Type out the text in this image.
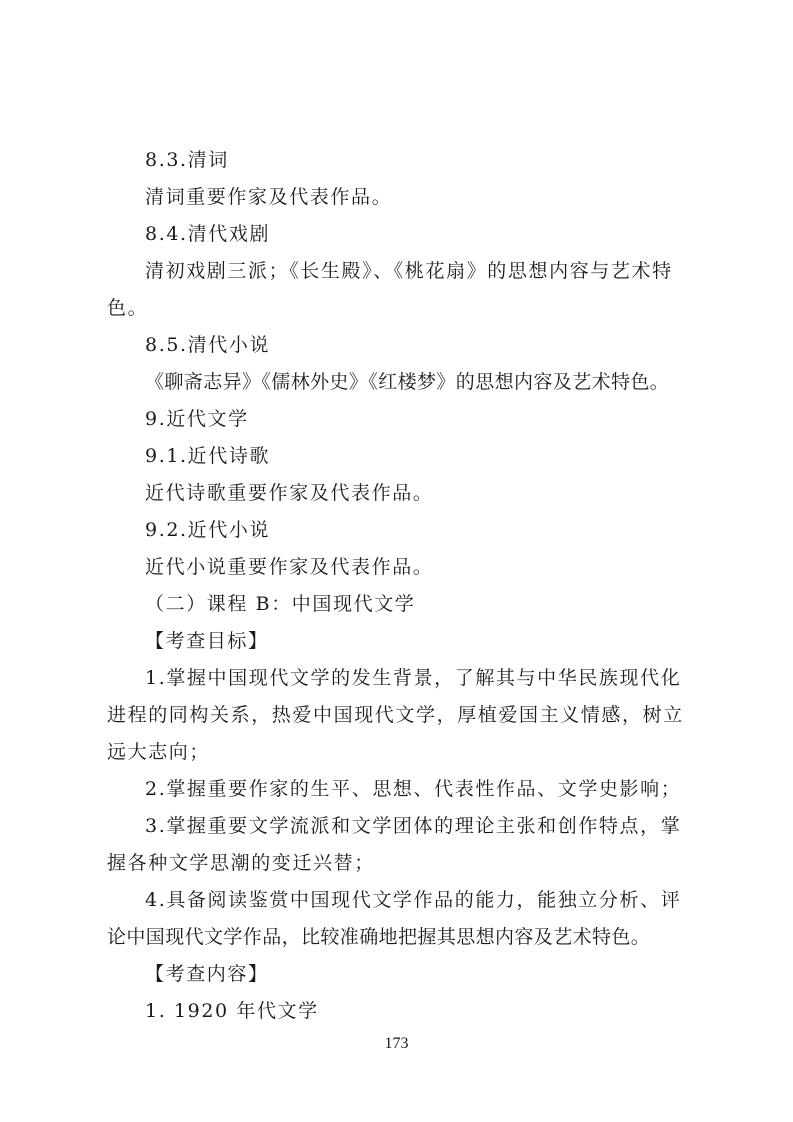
8.3.清词
清词重要作家及代表作品。
8.4.清代戏剧
清初戏剧三派；《长生殿》、《桃花扇》的思想内容与艺术特
色。
8.5.清代小说
《聊斋志异》《儒林外史》《红楼梦》的思想内容及艺术特色。
9.近代文学
9.1.近代诗歌
近代诗歌重要作家及代表作品。
9.2.近代小说
近代小说重要作家及代表作品。
（二）课程 B：中国现代文学
【考查目标】
1.掌握中国现代文学的发生背景，了解其与中华民族现代化
进程的同构关系，热爱中国现代文学，厚植爱国主义情感，树立
远大志向；
2.掌握重要作家的生平、思想、代表性作品、文学史影响；
3.掌握重要文学流派和文学团体的理论主张和创作特点，掌
握各种文学思潮的变迁兴替；
4.具备阅读鉴赏中国现代文学作品的能力，能独立分析、评
论中国现代文学作品，比较准确地把握其思想内容及艺术特色。
【考查内容】
1. 1920 年代文学
173
